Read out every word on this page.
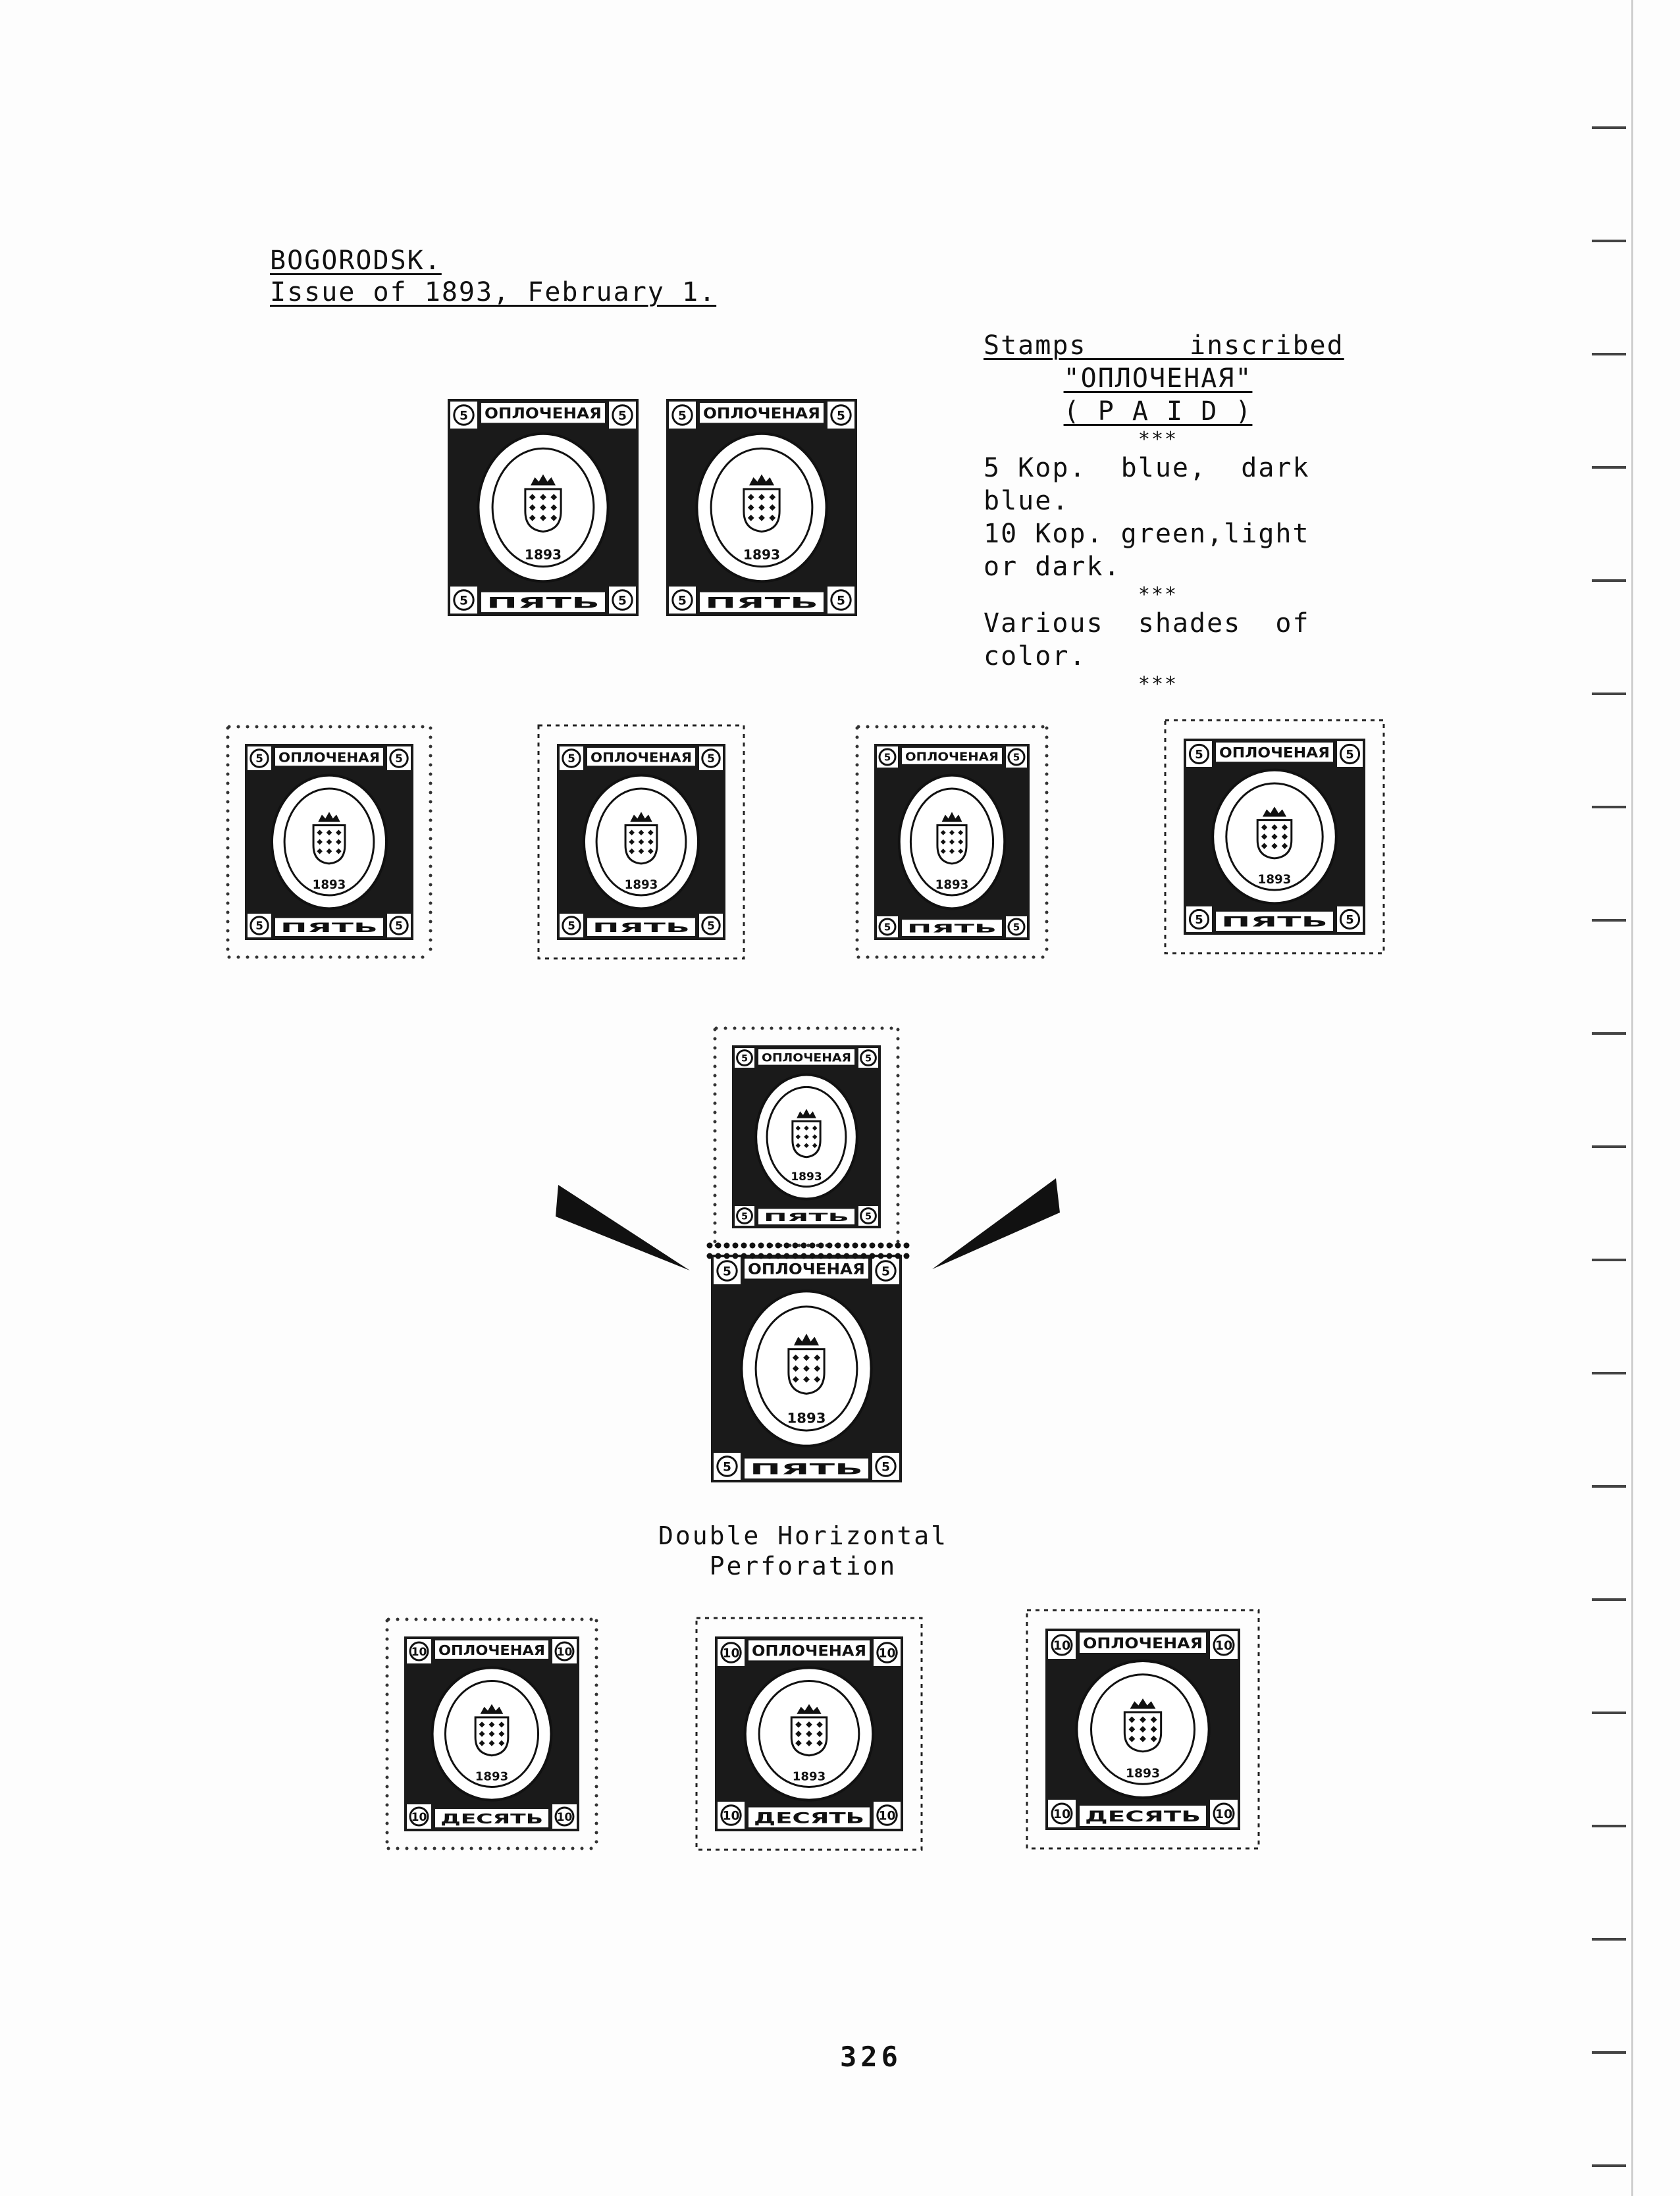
BOGORODSK.
Issue of 1893, February 1.
Stamps      inscribed
"ОПЛОЧЕНАЯ"
( P A I D )
***
5 Kop.  blue,  dark
blue.
10 Kop. green,light
or dark.
***
Various  shades  of
color.
***
5	5
5	5
ОПЛОЧЕНАЯ
ПЯТЬ
1893
5	5
5	5
ОПЛОЧЕНАЯ
ПЯТЬ
1893
5	5
5	5
ОПЛОЧЕНАЯ
ПЯТЬ
1893
5	5
5	5
ОПЛОЧЕНАЯ
ПЯТЬ
1893
5	5
5	5
ОПЛОЧЕНАЯ
ПЯТЬ
1893
5	5
5	5
ОПЛОЧЕНАЯ
ПЯТЬ
1893
5	5
5	5
ОПЛОЧЕНАЯ
ПЯТЬ
1893
5	5
5	5
ОПЛОЧЕНАЯ
ПЯТЬ
1893
10	10
10	10
ОПЛОЧЕНАЯ
ДЕСЯТЬ
1893
10	10
10	10
ОПЛОЧЕНАЯ
ДЕСЯТЬ
1893
10	10
10	10
ОПЛОЧЕНАЯ
ДЕСЯТЬ
1893
Double Horizontal
Perforation
326
